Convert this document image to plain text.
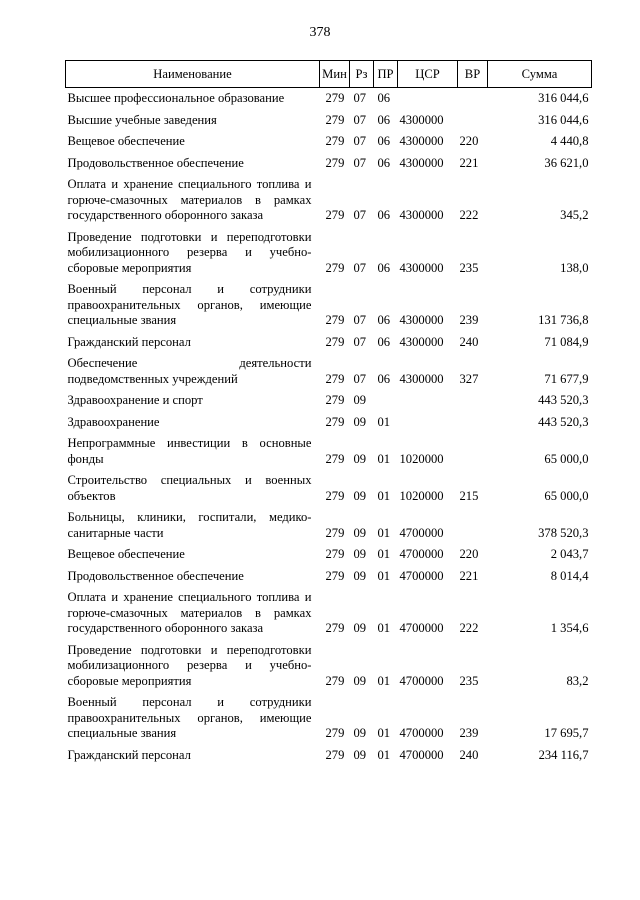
378
Наименование	Мин	Рз	ПР	ЦСР	ВР	Сумма
Высшее профессиональное образование	279	07	06			316 044,6
Высшие учебные заведения	279	07	06	4300000		316 044,6
Вещевое обеспечение	279	07	06	4300000	220	4 440,8
Продовольственное обеспечение	279	07	06	4300000	221	36 621,0
Оплата и хранение специального топлива и горюче-смазочных материалов в рамках государственного оборонного заказа	279	07	06	4300000	222	345,2
Проведение подготовки и переподготовки мобилизационного резерва и учебно-сборовые мероприятия	279	07	06	4300000	235	138,0
Военный персонал и сотрудники правоохранительных органов, имеющие специальные звания	279	07	06	4300000	239	131 736,8
Гражданский персонал	279	07	06	4300000	240	71 084,9
Обеспечение деятельности подведомственных учреждений	279	07	06	4300000	327	71 677,9
Здравоохранение и спорт	279	09				443 520,3
Здравоохранение	279	09	01			443 520,3
Непрограммные инвестиции в основные фонды	279	09	01	1020000		65 000,0
Строительство специальных и военных объектов	279	09	01	1020000	215	65 000,0
Больницы, клиники, госпитали, медико-санитарные части	279	09	01	4700000		378 520,3
Вещевое обеспечение	279	09	01	4700000	220	2 043,7
Продовольственное обеспечение	279	09	01	4700000	221	8 014,4
Оплата и хранение специального топлива и горюче-смазочных материалов в рамках государственного оборонного заказа	279	09	01	4700000	222	1 354,6
Проведение подготовки и переподготовки мобилизационного резерва и учебно-сборовые мероприятия	279	09	01	4700000	235	83,2
Военный персонал и сотрудники правоохранительных органов, имеющие специальные звания	279	09	01	4700000	239	17 695,7
Гражданский персонал	279	09	01	4700000	240	234 116,7
